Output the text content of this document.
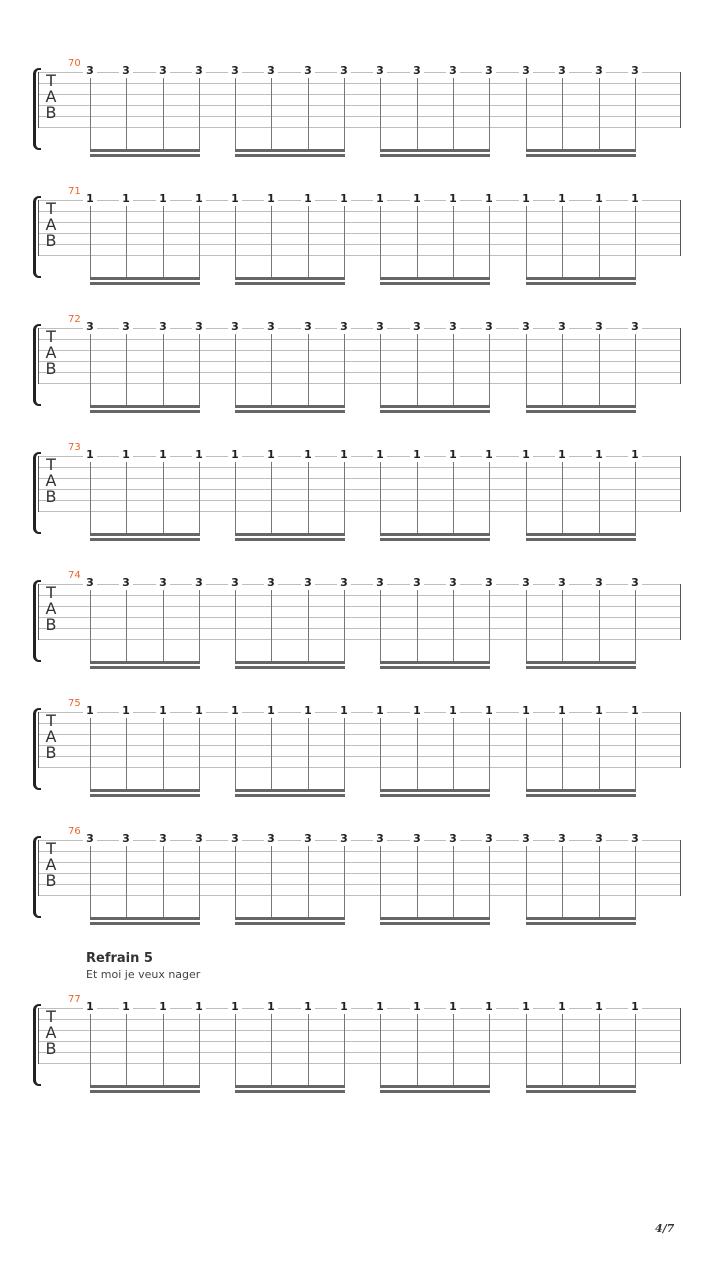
70
T
A
B
3	3	3	3	3	3	3	3	3	3	3	3	3	3	3	3
71
T
A
B
1	1	1	1	1	1	1	1	1	1	1	1	1	1	1	1
72
T
A
B
3	3	3	3	3	3	3	3	3	3	3	3	3	3	3	3
73
T
A
B
1	1	1	1	1	1	1	1	1	1	1	1	1	1	1	1
74
T
A
B
3	3	3	3	3	3	3	3	3	3	3	3	3	3	3	3
75
T
A
B
1	1	1	1	1	1	1	1	1	1	1	1	1	1	1	1
76
T
A
B
3	3	3	3	3	3	3	3	3	3	3	3	3	3	3	3
77
T
A
B
1	1	1	1	1	1	1	1	1	1	1	1	1	1	1	1
Refrain 5
Et moi je veux nager
4/7
